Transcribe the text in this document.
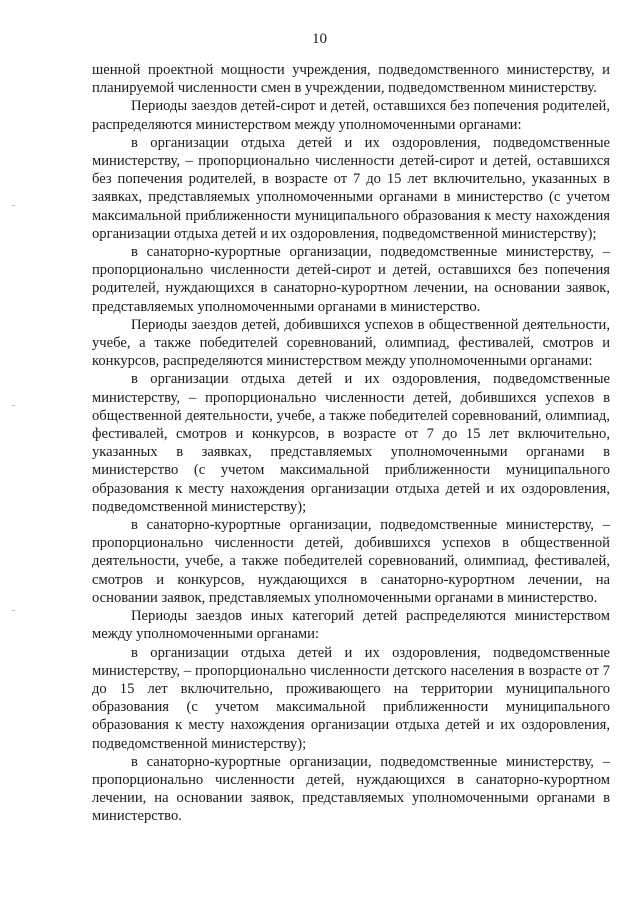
10

шенной проектной мощности учреждения, подведомственного министерству, и планируемой численности смен в учреждении, подведомственном министерству.

Периоды заездов детей-сирот и детей, оставшихся без попечения родителей, распределяются министерством между уполномоченными органами:

в организации отдыха детей и их оздоровления, подведомственные министерству, – пропорционально численности детей-сирот и детей, оставшихся без попечения родителей, в возрасте от 7 до 15 лет включительно, указанных в заявках, представляемых уполномоченными органами в министерство (с учетом максимальной приближенности муниципального образования к месту нахождения организации отдыха детей и их оздоровления, подведомственной министерству);

в санаторно-курортные организации, подведомственные министерству, – пропорционально численности детей-сирот и детей, оставшихся без попечения родителей, нуждающихся в санаторно-курортном лечении, на основании заявок, представляемых уполномоченными органами в министерство.

Периоды заездов детей, добившихся успехов в общественной деятельности, учебе, а также победителей соревнований, олимпиад, фестивалей, смотров и конкурсов, распределяются министерством между уполномоченными органами:

в организации отдыха детей и их оздоровления, подведомственные министерству, – пропорционально численности детей, добившихся успехов в общественной деятельности, учебе, а также победителей соревнований, олимпиад, фестивалей, смотров и конкурсов, в возрасте от 7 до 15 лет включительно, указанных в заявках, представляемых уполномоченными органами в министерство (с учетом максимальной приближенности муниципального образования к месту нахождения организации отдыха детей и их оздоровления, подведомственной министерству);

в санаторно-курортные организации, подведомственные министерству, – пропорционально численности детей, добившихся успехов в общественной деятельности, учебе, а также победителей соревнований, олимпиад, фестивалей, смотров и конкурсов, нуждающихся в санаторно-курортном лечении, на основании заявок, представляемых уполномоченными органами в министерство.

Периоды заездов иных категорий детей распределяются министерством между уполномоченными органами:

в организации отдыха детей и их оздоровления, подведомственные министерству, – пропорционально численности детского населения в возрасте от 7 до 15 лет включительно, проживающего на территории муниципального образования (с учетом максимальной приближенности муниципального образования к месту нахождения организации отдыха детей и их оздоровления, подведомственной министерству);

в санаторно-курортные организации, подведомственные министерству, – пропорционально численности детей, нуждающихся в санаторно-курортном лечении, на основании заявок, представляемых уполномоченными органами в министерство.
